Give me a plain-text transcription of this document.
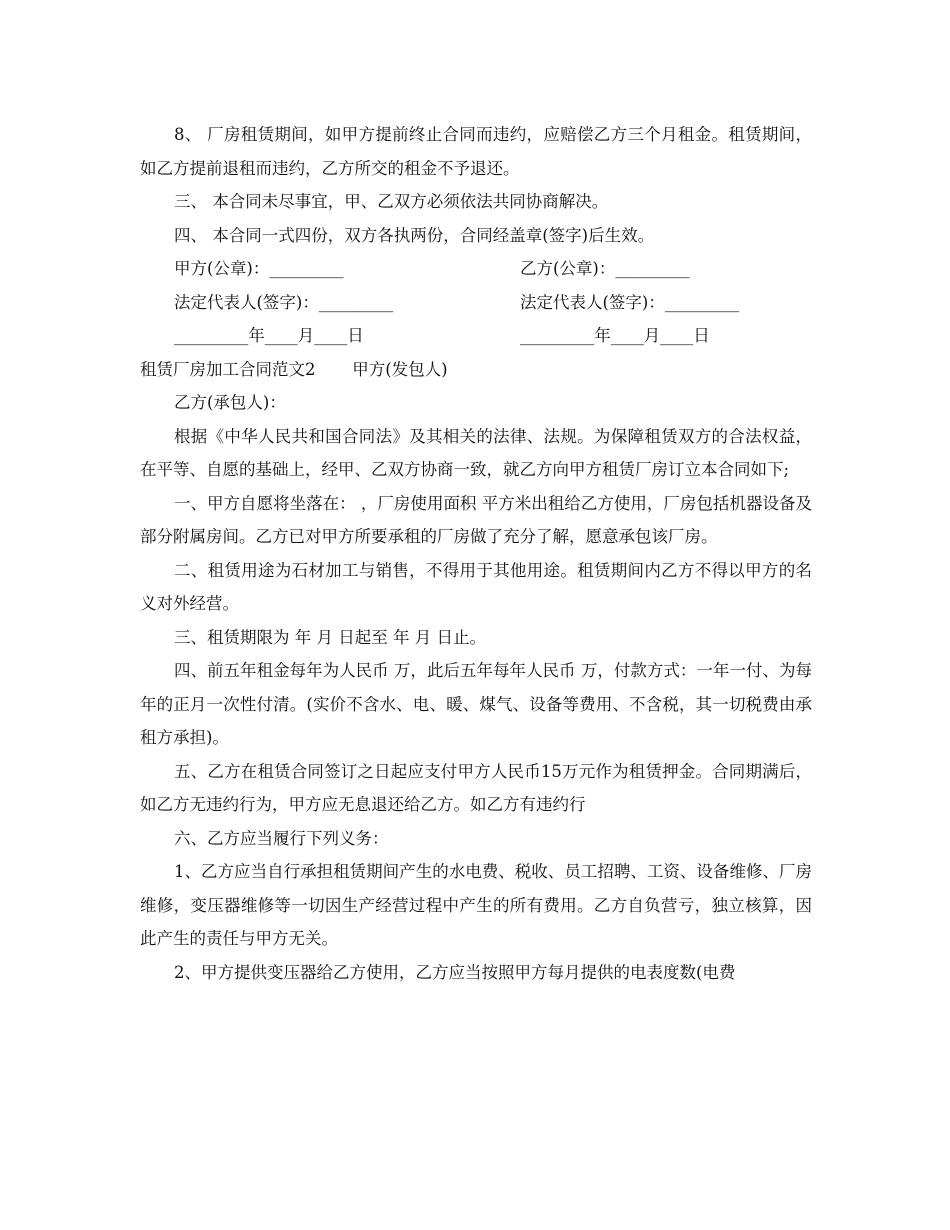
8、 厂房租赁期间，如甲方提前终止合同而违约，应赔偿乙方三个月租金。租赁期间，如乙方提前退租而违约，乙方所交的租金不予退还。

三、 本合同未尽事宜，甲、乙双方必须依法共同协商解决。

四、 本合同一式四份，双方各执两份，合同经盖章(签字)后生效。

甲方(公章)：_________	乙方(公章)：_________
法定代表人(签字)：_________	法定代表人(签字)：_________
_________年____月____日	_________年____月____日

租赁厂房加工合同范文2 甲方(发包人)

乙方(承包人)：

根据《中华人民共和国合同法》及其相关的法律、法规。为保障租赁双方的合法权益，在平等、自愿的基础上，经甲、乙双方协商一致，就乙方向甲方租赁厂房订立本合同如下;

一、甲方自愿将坐落在： ，厂房使用面积 平方米出租给乙方使用，厂房包括机器设备及部分附属房间。乙方已对甲方所要承租的厂房做了充分了解，愿意承包该厂房。

二、租赁用途为石材加工与销售，不得用于其他用途。租赁期间内乙方不得以甲方的名义对外经营。

三、租赁期限为 年 月 日起至 年 月 日止。

四、前五年租金每年为人民币 万，此后五年每年人民币 万，付款方式：一年一付、为每年的正月一次性付清。(实价不含水、电、暖、煤气、设备等费用、不含税，其一切税费由承租方承担)。

五、乙方在租赁合同签订之日起应支付甲方人民币15万元作为租赁押金。合同期满后，如乙方无违约行为，甲方应无息退还给乙方。如乙方有违约行

六、乙方应当履行下列义务：

1、乙方应当自行承担租赁期间产生的水电费、税收、员工招聘、工资、设备维修、厂房维修，变压器维修等一切因生产经营过程中产生的所有费用。乙方自负营亏，独立核算，因此产生的责任与甲方无关。

2、甲方提供变压器给乙方使用，乙方应当按照甲方每月提供的电表度数(电费
